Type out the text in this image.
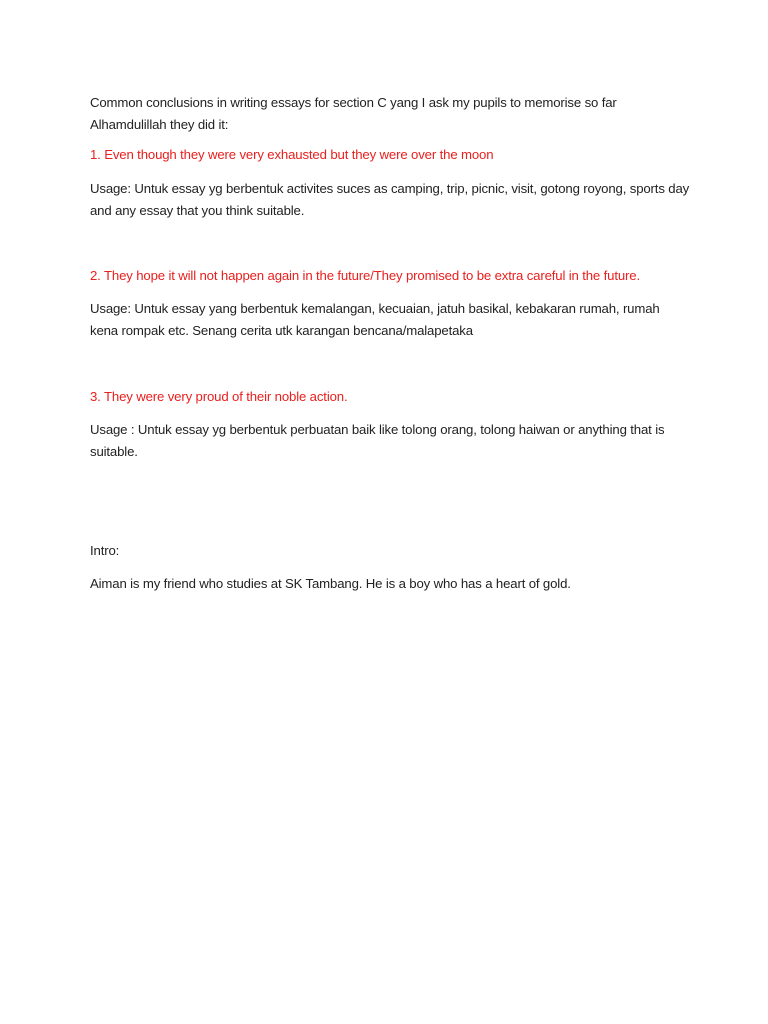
Common conclusions in writing essays for section C yang I ask my pupils to memorise so far Alhamdulillah they did it:

1. Even though they were very exhausted but they were over the moon

Usage: Untuk essay yg berbentuk activites suces as camping, trip, picnic, visit, gotong royong, sports day and any essay that you think suitable.

2. They hope it will not happen again in the future/They promised to be extra careful in the future.

Usage: Untuk essay yang berbentuk kemalangan, kecuaian, jatuh basikal, kebakaran rumah, rumah kena rompak etc. Senang cerita utk karangan bencana/malapetaka

3. They were very proud of their noble action.

Usage : Untuk essay yg berbentuk perbuatan baik like tolong orang, tolong haiwan or anything that is suitable.

Intro:

Aiman is my friend who studies at SK Tambang. He is a boy who has a heart of gold.
